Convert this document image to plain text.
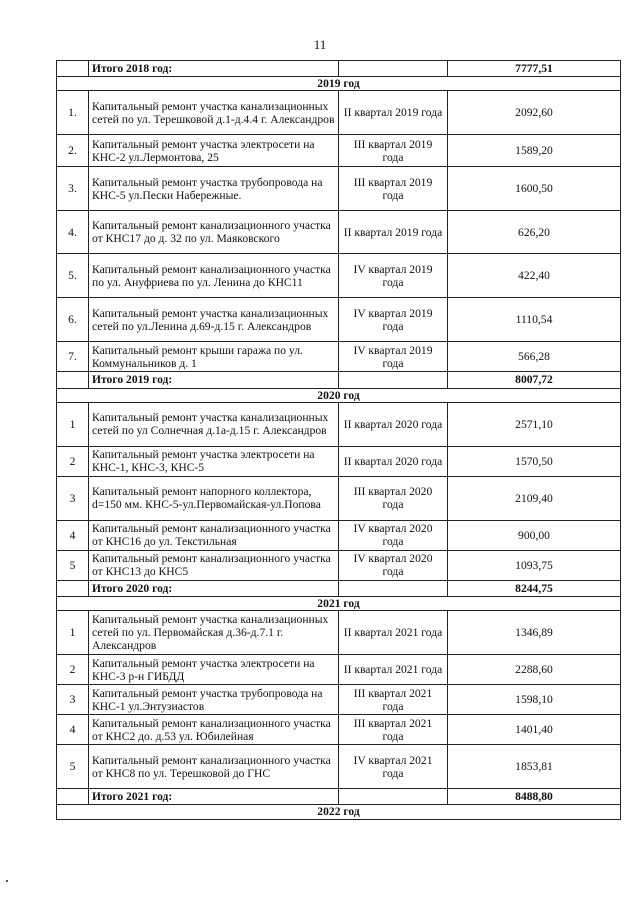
11
	Итого 2018 год:		7777,51
2019 год			
1.	Капитальный ремонт участка канализационных сетей по ул. Терешковой д.1-д.4.4 г. Александров	II квартал 2019 года	2092,60
2.	Капитальный ремонт участка электросети на КНС-2 ул.Лермонтова, 25	III квартал 2019 года	1589,20
3.	Капитальный ремонт участка трубопровода на КНС-5 ул.Пески Набережные.	III квартал 2019 года	1600,50
4.	Капитальный ремонт канализационного участка от КНС17 до д. 32 по ул. Маяковского	II квартал 2019 года	626,20
5.	Капитальный ремонт канализационного участка по ул. Ануфриева по ул. Ленина до КНС11	IV квартал 2019 года	422,40
6.	Капитальный ремонт участка канализационных сетей по ул.Ленина д.69-д.15 г. Александров	IV квартал 2019 года	1110,54
7.	Капитальный ремонт крыши гаража по ул. Коммунальников д. 1	IV квартал 2019 года	566,28
	Итого 2019 год:		8007,72
2020 год			
1	Капитальный ремонт участка канализационных сетей по ул Солнечная д.1а-д.15 г. Александров	II квартал 2020 года	2571,10
2	Капитальный ремонт участка электросети на КНС-1, КНС-3, КНС-5	II квартал 2020 года	1570,50
3	Капитальный ремонт напорного коллектора, d=150 мм. КНС-5-ул.Первомайская-ул.Попова	III квартал 2020 года	2109,40
4	Капитальный ремонт канализационного участка от КНС16 до ул. Текстильная	IV квартал 2020 года	900,00
5	Капитальный ремонт канализационного участка от КНС13 до КНС5	IV квартал 2020 года	1093,75
	Итого 2020 год:		8244,75
2021 год			
1	Капитальный ремонт участка канализационных сетей по ул. Первомайская д.36-д.7.1 г. Александров	II квартал 2021 года	1346,89
2	Капитальный ремонт участка электросети на КНС-3 р-н ГИБДД	II квартал 2021 года	2288,60
3	Капитальный ремонт участка трубопровода на КНС-1 ул.Энтузиастов	III квартал 2021 года	1598,10
4	Капитальный ремонт канализационного участка от КНС2 до. д.53 ул. Юбилейная	III квартал 2021 года	1401,40
5	Капитальный ремонт канализационного участка от КНС8 по ул. Терешковой до ГНС	IV квартал 2021 года	1853,81
	Итого 2021 год:		8488,80
2022 год			
